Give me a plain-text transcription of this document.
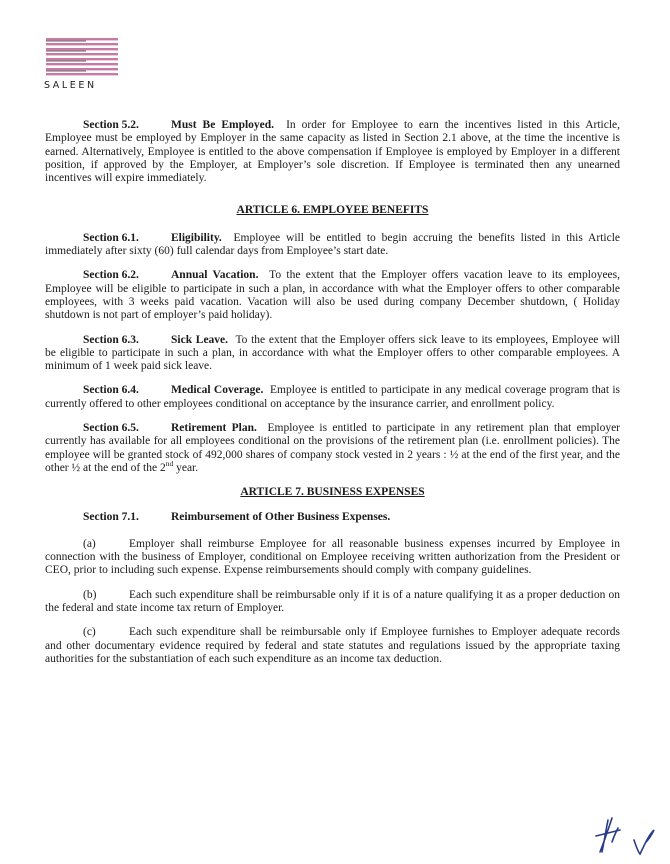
SALEEN

Section 5.2.	Must Be Employed. In order for Employee to earn the incentives listed in this Article, Employee must be employed by Employer in the same capacity as listed in Section 2.1 above, at the time the incentive is earned. Alternatively, Employee is entitled to the above compensation if Employee is employed by Employer in a different position, if approved by the Employer, at Employer’s sole discretion. If Employee is terminated then any unearned incentives will expire immediately.

ARTICLE 6. EMPLOYEE BENEFITS

Section 6.1.	Eligibility. Employee will be entitled to begin accruing the benefits listed in this Article immediately after sixty (60) full calendar days from Employee’s start date.

Section 6.2.	Annual Vacation. To the extent that the Employer offers vacation leave to its employees, Employee will be eligible to participate in such a plan, in accordance with what the Employer offers to other comparable employees, with 3 weeks paid vacation. Vacation will also be used during company December shutdown, ( Holiday shutdown is not part of employer’s paid holiday).

Section 6.3.	Sick Leave. To the extent that the Employer offers sick leave to its employees, Employee will be eligible to participate in such a plan, in accordance with what the Employer offers to other comparable employees. A minimum of 1 week paid sick leave.

Section 6.4.	Medical Coverage. Employee is entitled to participate in any medical coverage program that is currently offered to other employees conditional on acceptance by the insurance carrier, and enrollment policy.

Section 6.5.	Retirement Plan. Employee is entitled to participate in any retirement plan that employer currently has available for all employees conditional on the provisions of the retirement plan (i.e. enrollment policies). The employee will be granted stock of 492,000 shares of company stock vested in 2 years : ½ at the end of the first year, and the other ½ at the end of the 2nd year.

ARTICLE 7. BUSINESS EXPENSES

Section 7.1.	Reimbursement of Other Business Expenses.

(a)	Employer shall reimburse Employee for all reasonable business expenses incurred by Employee in connection with the business of Employer, conditional on Employee receiving written authorization from the President or CEO, prior to including such expense. Expense reimbursements should comply with company guidelines.

(b)	Each such expenditure shall be reimbursable only if it is of a nature qualifying it as a proper deduction on the federal and state income tax return of Employer.

(c)	Each such expenditure shall be reimbursable only if Employee furnishes to Employer adequate records and other documentary evidence required by federal and state statutes and regulations issued by the appropriate taxing authorities for the substantiation of each such expenditure as an income tax deduction.
